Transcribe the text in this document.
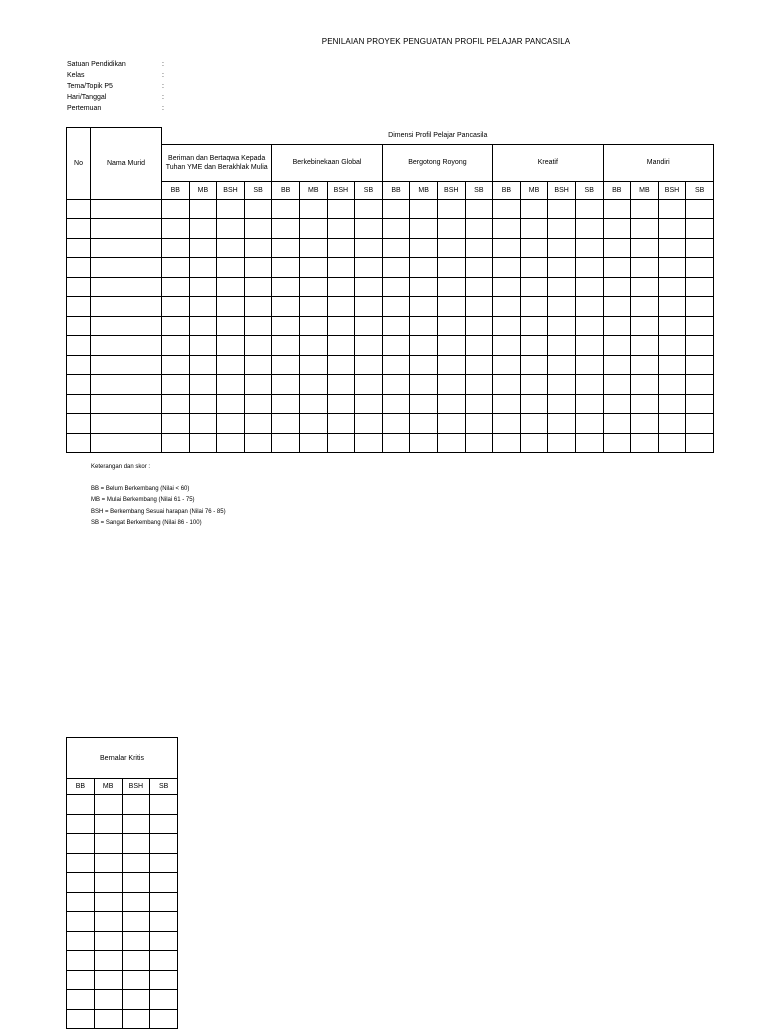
PENILAIAN PROYEK PENGUATAN PROFIL PELAJAR PANCASILA
Satuan Pendidikan	:
Kelas	:
Tema/Topik P5	:
Hari/Tanggal	:
Pertemuan	:
No	Nama Murid	Dimensi Profil Pelajar Pancasila																			
		Beriman dan Bertaqwa Kepada Tuhan YME dan Berakhlak Mulia				Berkebinekaan Global				Bergotong Royong				Kreatif				Mandiri			
		BB	MB	BSH	SB	BB	MB	BSH	SB	BB	MB	BSH	SB	BB	MB	BSH	SB	BB	MB	BSH	SB

Keterangan dan skor :
BB = Belum Berkembang (Nilai < 60)
MB = Mulai Berkembang (Nilai 61 - 75)
BSH = Berkembang Sesuai harapan (Nilai 76 - 85)
SB = Sangat Berkembang (Nilai 86 - 100)

Bernalar Kritis			
BB	MB	BSH	SB
